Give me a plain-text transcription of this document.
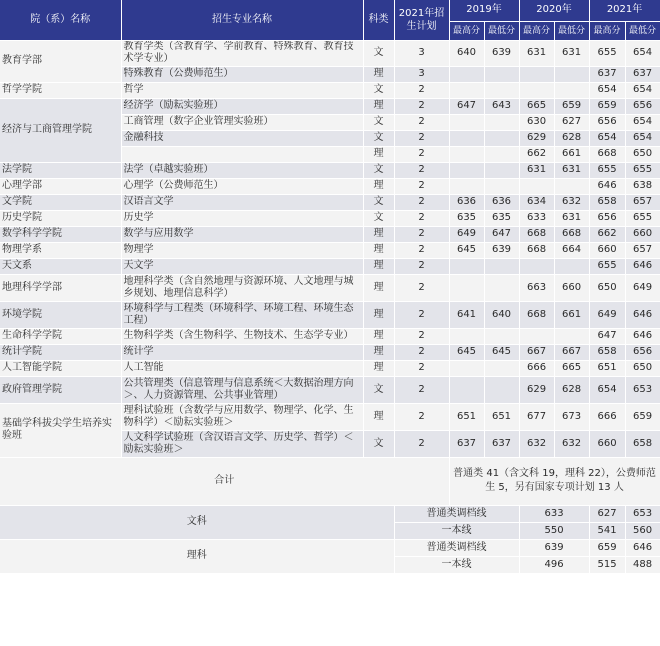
院（系）名称	招生专业名称	科类	2021年招生计划	2019年		2020年		2021年	
				最高分	最低分	最高分	最低分	最高分	最低分
教育学部	教育学类（含教育学、学前教育、特殊教育、教育技术学专业）	文	3	640	639	631	631	655	654
	特殊教育（公费师范生）	理	3					637	637
哲学学院	哲学	文	2					654	654
经济与工商管理学院	经济学（励耘实验班）	理	2	647	643	665	659	659	656
	工商管理（数字企业管理实验班）	文	2			630	627	656	654
	金融科技	文	2			629	628	654	654
		理	2			662	661	668	650
法学院	法学（卓越实验班）	文	2			631	631	655	655
心理学部	心理学（公费师范生）	理	2					646	638
文学院	汉语言文学	文	2	636	636	634	632	658	657
历史学院	历史学	文	2	635	635	633	631	656	655
数学科学学院	数学与应用数学	理	2	649	647	668	668	662	660
物理学系	物理学	理	2	645	639	668	664	660	657
天文系	天文学	理	2					655	646
地理科学学部	地理科学类（含自然地理与资源环境、人文地理与城乡规划、地理信息科学）	理	2			663	660	650	649
环境学院	环境科学与工程类（环境科学、环境工程、环境生态工程）	理	2	641	640	668	661	649	646
生命科学学院	生物科学类（含生物科学、生物技术、生态学专业）	理	2					647	646
统计学院	统计学	理	2	645	645	667	667	658	656
人工智能学院	人工智能	理	2			666	665	651	650
政府管理学院	公共管理类（信息管理与信息系统＜大数据治理方向＞、人力资源管理、公共事业管理）	文	2			629	628	654	653
基础学科拔尖学生培养实验班	理科试验班（含数学与应用数学、物理学、化学、生物科学）＜励耘实验班＞	理	2	651	651	677	673	666	659
	人文科学试验班（含汉语言文学、历史学、哲学）＜励耘实验班＞	文	2	637	637	632	632	660	658
合计				普通类 41（含文科 19，理科 22），公费师范生 5，另有国家专项计划 13 人					
文科			普通类调档线			633		627	653
			一本线			550		541	560
理科			普通类调档线			639		659	646
			一本线			496		515	488
